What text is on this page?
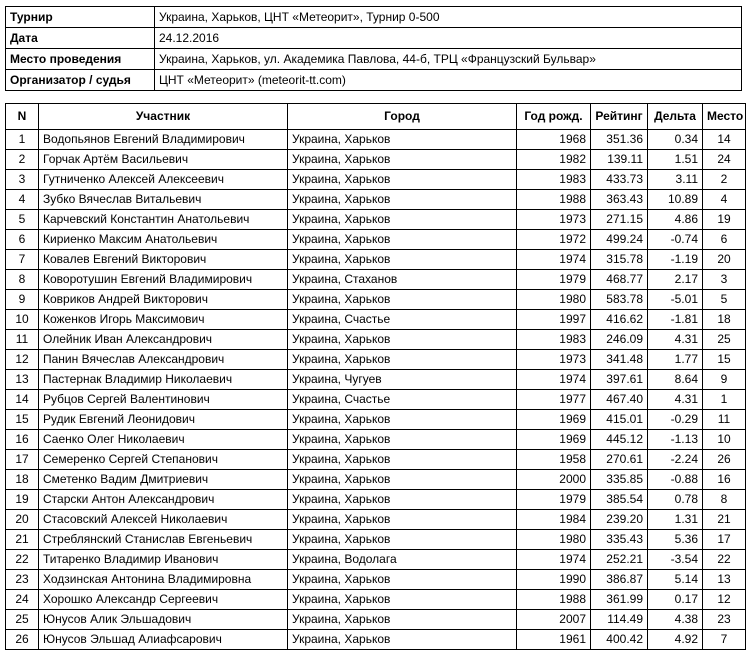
Турнир	Украина, Харьков, ЦНТ «Метеорит», Турнир 0-500
Дата	24.12.2016
Место проведения	Украина, Харьков, ул. Академика Павлова, 44-б, ТРЦ «Французский Бульвар»
Организатор / судья	ЦНТ «Метеорит» (meteorit-tt.com)
N	Участник	Город	Год рожд.	Рейтинг	Дельта	Место
1	Водопьянов Евгений Владимирович	Украина, Харьков	1968	351.36	0.34	14
2	Горчак Артём Васильевич	Украина, Харьков	1982	139.11	1.51	24
3	Гутниченко Алексей Алексеевич	Украина, Харьков	1983	433.73	3.11	2
4	Зубко Вячеслав Витальевич	Украина, Харьков	1988	363.43	10.89	4
5	Карчевский Константин Анатольевич	Украина, Харьков	1973	271.15	4.86	19
6	Кириенко Максим Анатольевич	Украина, Харьков	1972	499.24	-0.74	6
7	Ковалев Евгений Викторович	Украина, Харьков	1974	315.78	-1.19	20
8	Коворотушин Евгений Владимирович	Украина, Стаханов	1979	468.77	2.17	3
9	Ковриков Андрей Викторович	Украина, Харьков	1980	583.78	-5.01	5
10	Коженков Игорь Максимович	Украина, Счастье	1997	416.62	-1.81	18
11	Олейник Иван Александрович	Украина, Харьков	1983	246.09	4.31	25
12	Панин Вячеслав Александрович	Украина, Харьков	1973	341.48	1.77	15
13	Пастернак Владимир Николаевич	Украина, Чугуев	1974	397.61	8.64	9
14	Рубцов Сергей Валентинович	Украина, Счастье	1977	467.40	4.31	1
15	Рудик Евгений Леонидович	Украина, Харьков	1969	415.01	-0.29	11
16	Саенко Олег Николаевич	Украина, Харьков	1969	445.12	-1.13	10
17	Семеренко Сергей Степанович	Украина, Харьков	1958	270.61	-2.24	26
18	Сметенко Вадим Дмитриевич	Украина, Харьков	2000	335.85	-0.88	16
19	Старски Антон Александрович	Украина, Харьков	1979	385.54	0.78	8
20	Стасовский Алексей Николаевич	Украина, Харьков	1984	239.20	1.31	21
21	Стреблянский Станислав Евгеньевич	Украина, Харьков	1980	335.43	5.36	17
22	Титаренко Владимир Иванович	Украина, Водолага	1974	252.21	-3.54	22
23	Ходзинская Антонина Владимировна	Украина, Харьков	1990	386.87	5.14	13
24	Хорошко Александр Сергеевич	Украина, Харьков	1988	361.99	0.17	12
25	Юнусов Алик Эльшадович	Украина, Харьков	2007	114.49	4.38	23
26	Юнусов Эльшад Алиафсарович	Украина, Харьков	1961	400.42	4.92	7
